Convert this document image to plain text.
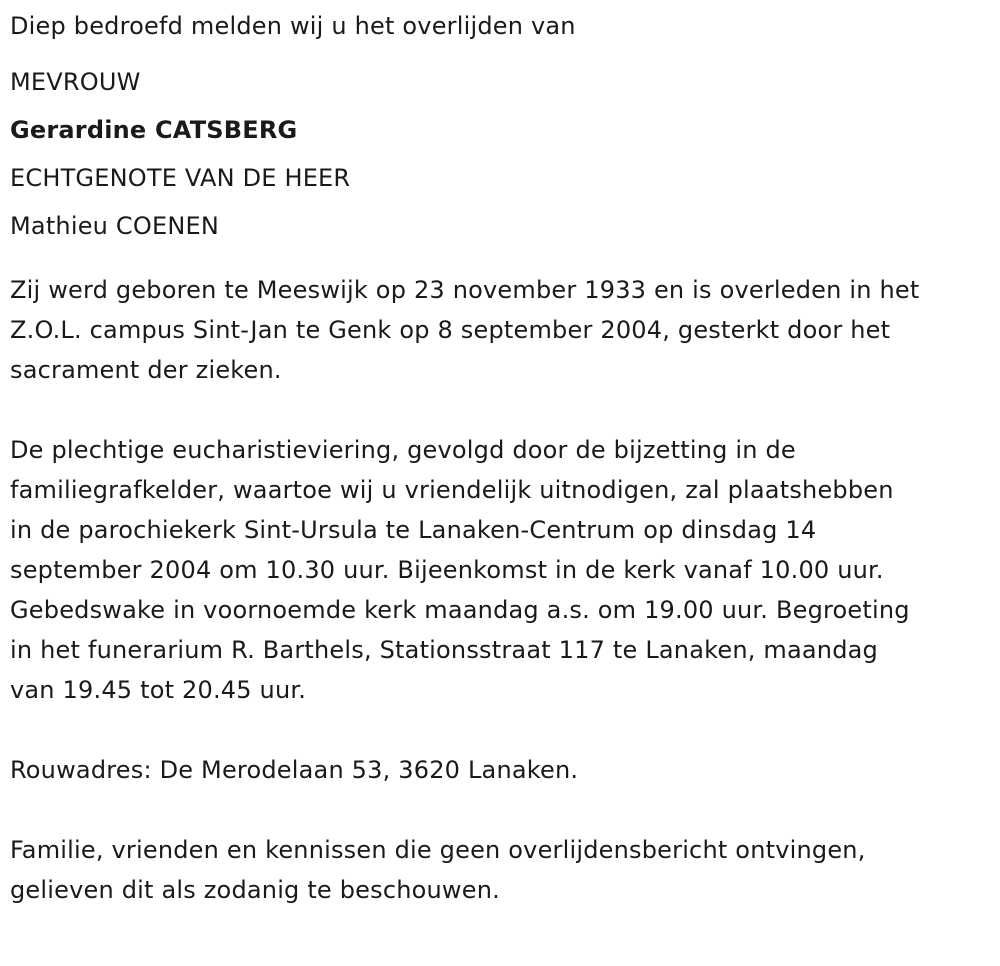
Diep bedroefd melden wij u het overlijden van
MEVROUW
Gerardine CATSBERG
ECHTGENOTE VAN DE HEER
Mathieu COENEN
Zij werd geboren te Meeswijk op 23 november 1933 en is overleden in het
Z.O.L. campus Sint-Jan te Genk op 8 september 2004, gesterkt door het
sacrament der zieken.
De plechtige eucharistieviering, gevolgd door de bijzetting in de
familiegrafkelder, waartoe wij u vriendelijk uitnodigen, zal plaatshebben
in de parochiekerk Sint-Ursula te Lanaken-Centrum op dinsdag 14
september 2004 om 10.30 uur. Bijeenkomst in de kerk vanaf 10.00 uur.
Gebedswake in voornoemde kerk maandag a.s. om 19.00 uur. Begroeting
in het funerarium R. Barthels, Stationsstraat 117 te Lanaken, maandag
van 19.45 tot 20.45 uur.
Rouwadres: De Merodelaan 53, 3620 Lanaken.
Familie, vrienden en kennissen die geen overlijdensbericht ontvingen,
gelieven dit als zodanig te beschouwen.
